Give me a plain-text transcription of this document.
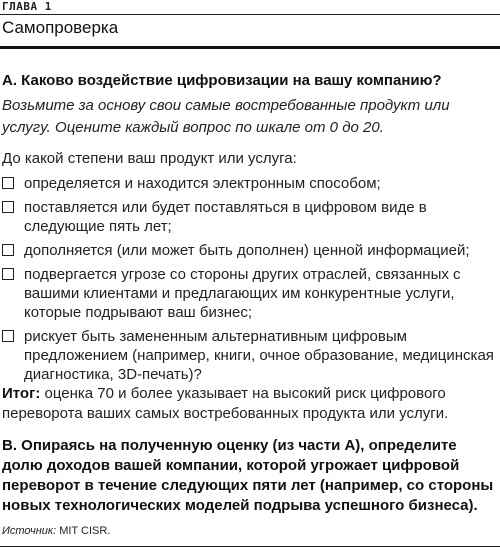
ГЛАВА 1
Самопроверка
А. Каково воздействие цифровизации на вашу компанию?
Возьмите за основу свои самые востребованные продукт или услугу. Оцените каждый вопрос по шкале от 0 до 20.
До какой степени ваш продукт или услуга:
определяется и находится электронным способом;
поставляется или будет поставляться в цифровом виде в следующие пять лет;
дополняется (или может быть дополнен) ценной информацией;
подвергается угрозе со стороны других отраслей, связанных с вашими клиентами и предлагающих им конкурентные услуги, которые подрывают ваш бизнес;
рискует быть замененным альтернативным цифровым предложением (например, книги, очное образование, медицинская диагностика, 3D-печать)?
Итог: оценка 70 и более указывает на высокий риск цифрового переворота ваших самых востребованных продукта или услуги.
В. Опираясь на полученную оценку (из части А), определите долю доходов вашей компании, которой угрожает цифровой переворот в течение следующих пяти лет (например, со стороны новых технологических моделей подрыва успешного бизнеса).
Источник: MIT CISR.
